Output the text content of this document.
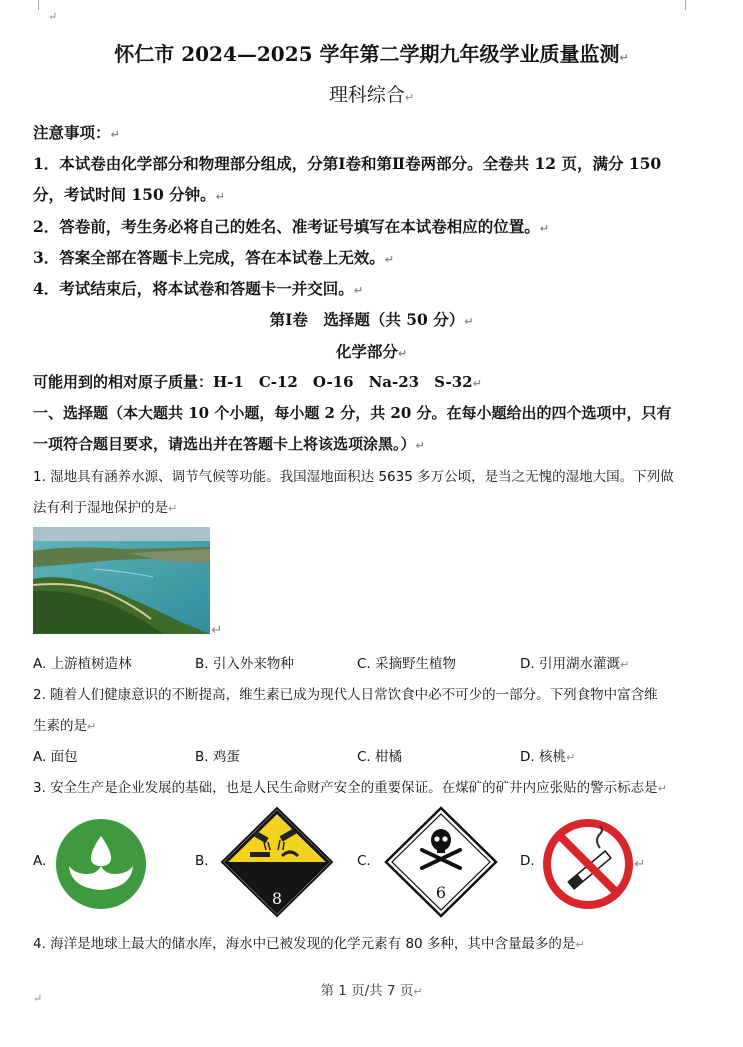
↵
怀仁市 2024—2025 学年第二学期九年级学业质量监测↵
理科综合↵
注意事项：↵
1．本试卷由化学部分和物理部分组成，分第Ⅰ卷和第Ⅱ卷两部分。全卷共 12 页，满分 150
分，考试时间 150 分钟。↵
2．答卷前，考生务必将自己的姓名、准考证号填写在本试卷相应的位置。↵
3．答案全部在答题卡上完成，答在本试卷上无效。↵
4．考试结束后，将本试卷和答题卡一并交回。↵
第Ⅰ卷　选择题（共 50 分）↵
化学部分↵
可能用到的相对原子质量：H-1　C-12　O-16　Na-23　S-32↵
一、选择题（本大题共 10 个小题，每小题 2 分，共 20 分。在每小题给出的四个选项中，只有
一项符合题目要求，请选出并在答题卡上将该选项涂黑。）↵
1. 湿地具有涵养水源、调节气候等功能。我国湿地面积达 5635 多万公顷，是当之无愧的湿地大国。下列做
法有利于湿地保护的是↵
↵
A. 上游植树造林	B. 引入外来物种	C. 采摘野生植物	D. 引用湖水灌溉↵
2. 随着人们健康意识的不断提高，维生素已成为现代人日常饮食中必不可少的一部分。下列食物中富含维
生素的是↵
A. 面包	B. 鸡蛋	C. 柑橘	D. 核桃↵
3. 安全生产是企业发展的基础，也是人民生命财产安全的重要保证。在煤矿的矿井内应张贴的警示标志是↵
A.	B.
8
C.
6
D.	↵
4. 海洋是地球上最大的储水库，海水中已被发现的化学元素有 80 多种，其中含量最多的是↵
第 1 页/共 7 页↵
↵
